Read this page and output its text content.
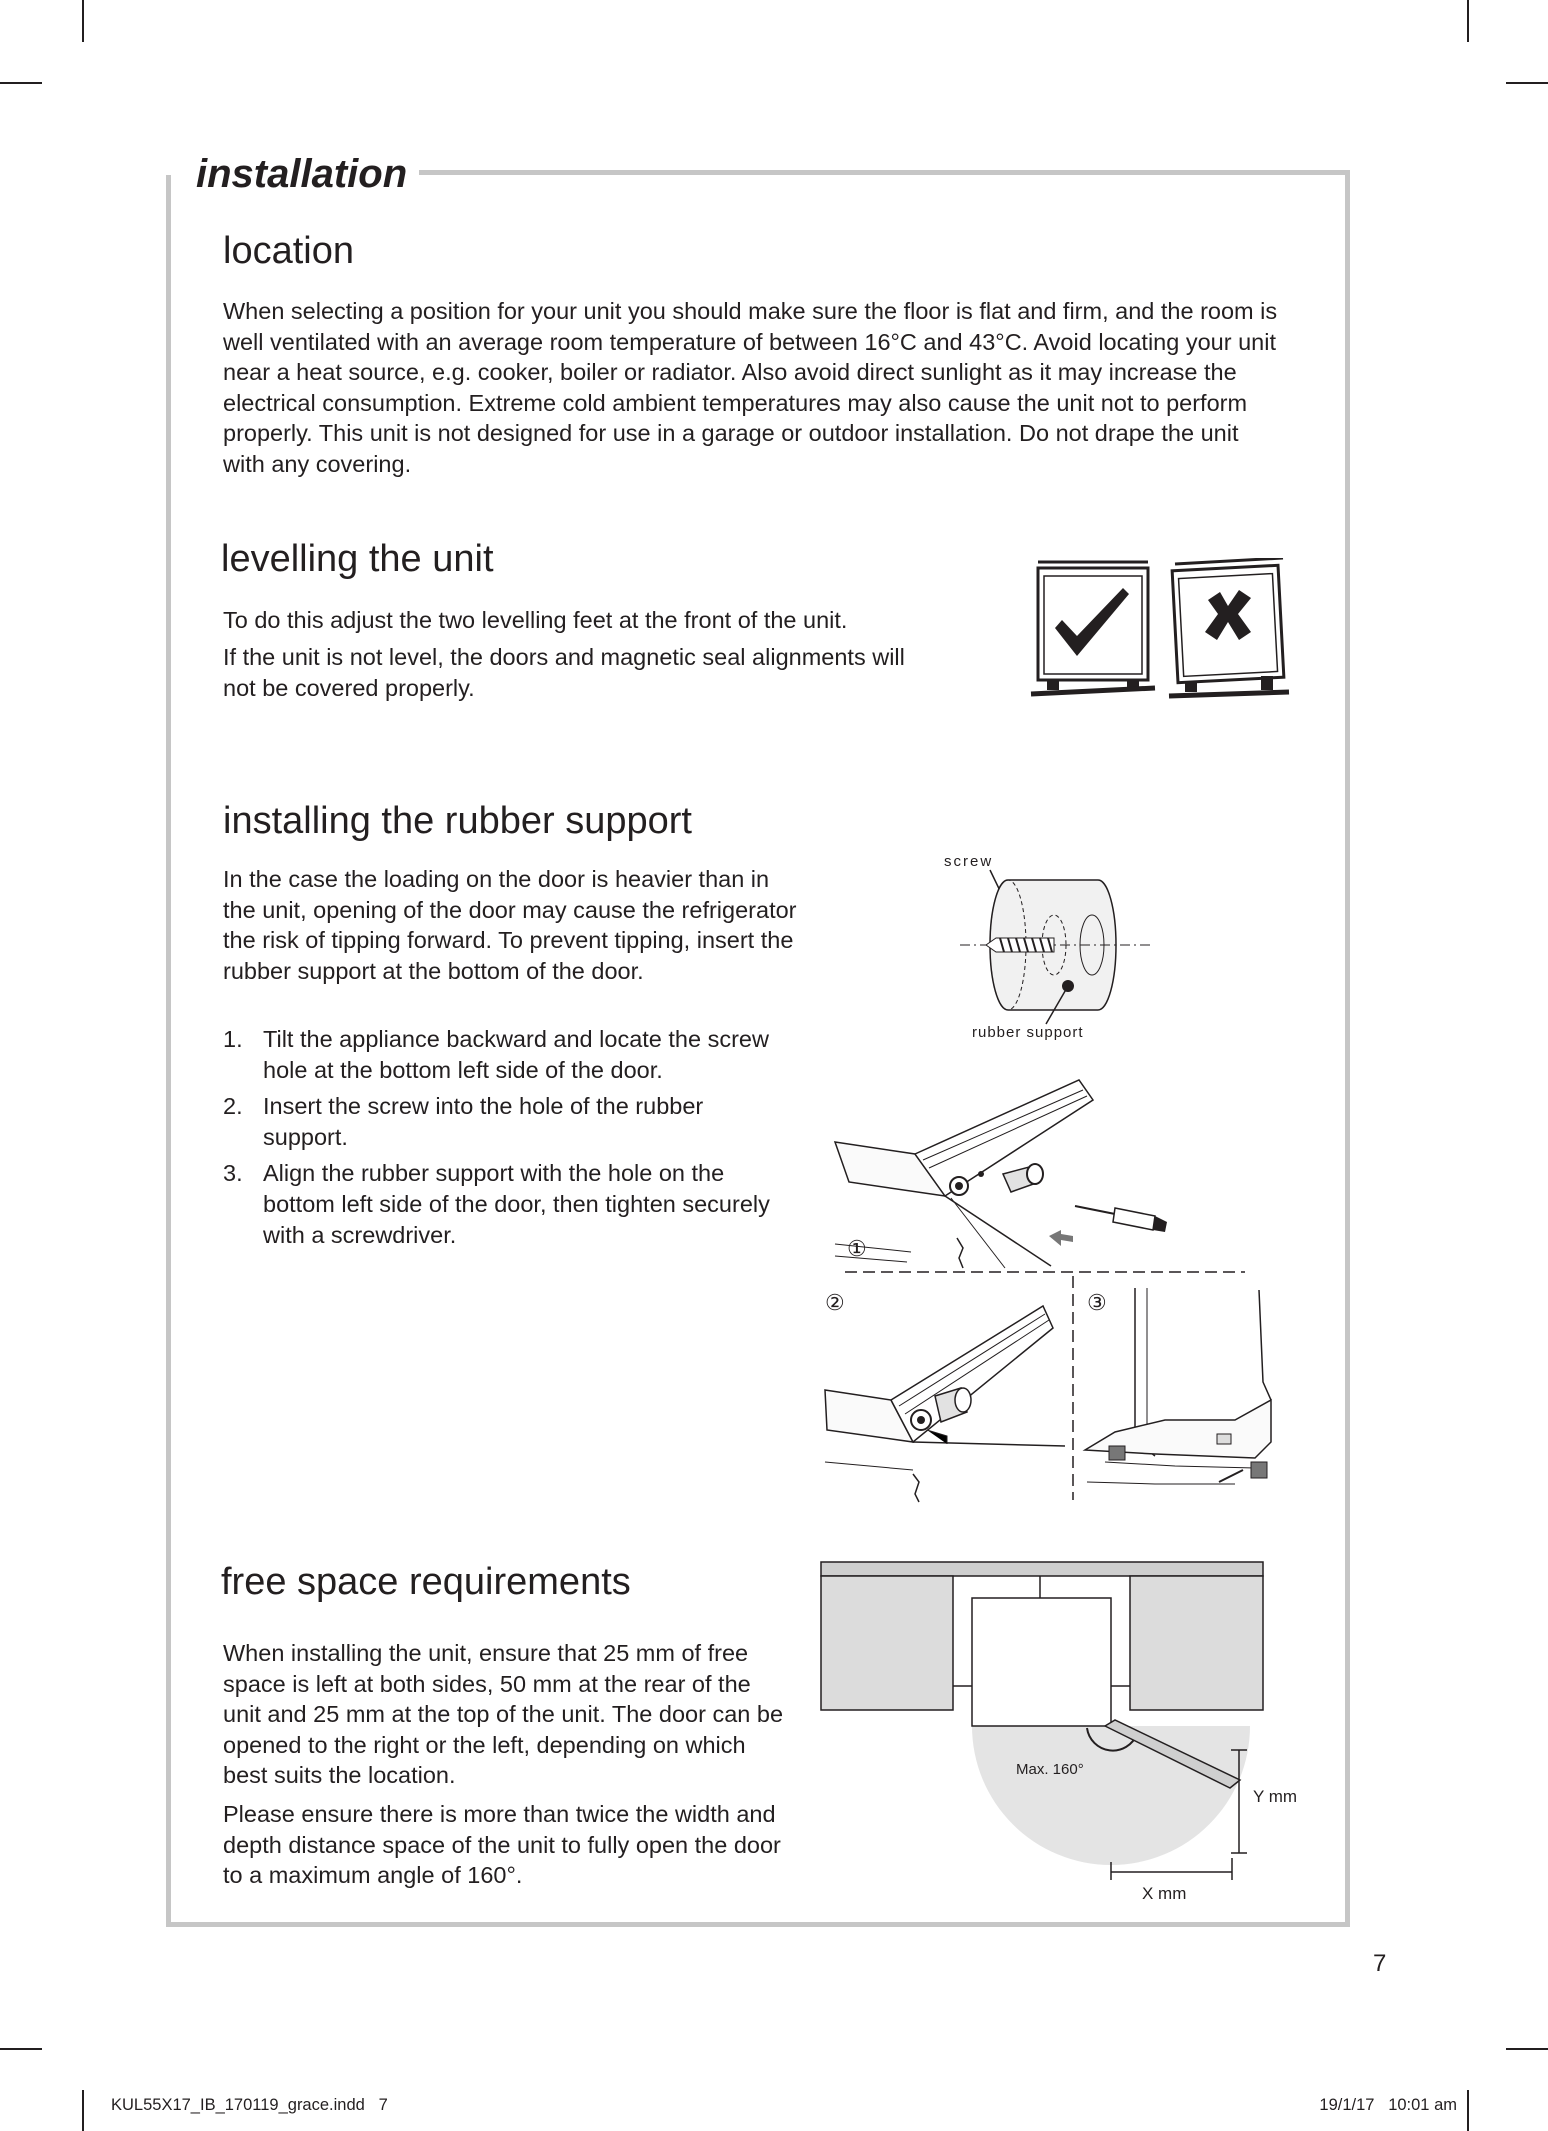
installation
location

When selecting a position for your unit you should make sure the floor is flat and firm, and the room is well ventilated with an average room temperature of between 16°C and 43°C. Avoid locating your unit near a heat source, e.g. cooker, boiler or radiator. Also avoid direct sunlight as it may increase the electrical consumption. Extreme cold ambient temperatures may also cause the unit not to perform properly. This unit is not designed for use in a garage or outdoor installation. Do not drape the unit with any covering.

levelling the unit

To do this adjust the two levelling feet at the front of the unit.

If the unit is not level, the doors and magnetic seal alignments will not be covered properly.

installing the rubber support

In the case the loading on the door is heavier than in the unit, opening of the door may cause the refrigerator the risk of tipping forward. To prevent tipping, insert the rubber support at the bottom of the door.

1. Tilt the appliance backward and locate the screw hole at the bottom left side of the door.
2. Insert the screw into the hole of the rubber support.
3. Align the rubber support with the hole on the bottom left side of the door, then tighten securely with a screwdriver.
screw
rubber support
①
②	③
free space requirements

When installing the unit, ensure that 25 mm of free space is left at both sides, 50 mm at the rear of the unit and 25 mm at the top of the unit. The door can be opened to the right or the left, depending on which best suits the location.

Please ensure there is more than twice the width and depth distance space of the unit to fully open the door to a maximum angle of 160°.

Max. 160°
Y mm
X mm
7
KUL55X17_IB_170119_grace.indd   7	19/1/17   10:01 am
